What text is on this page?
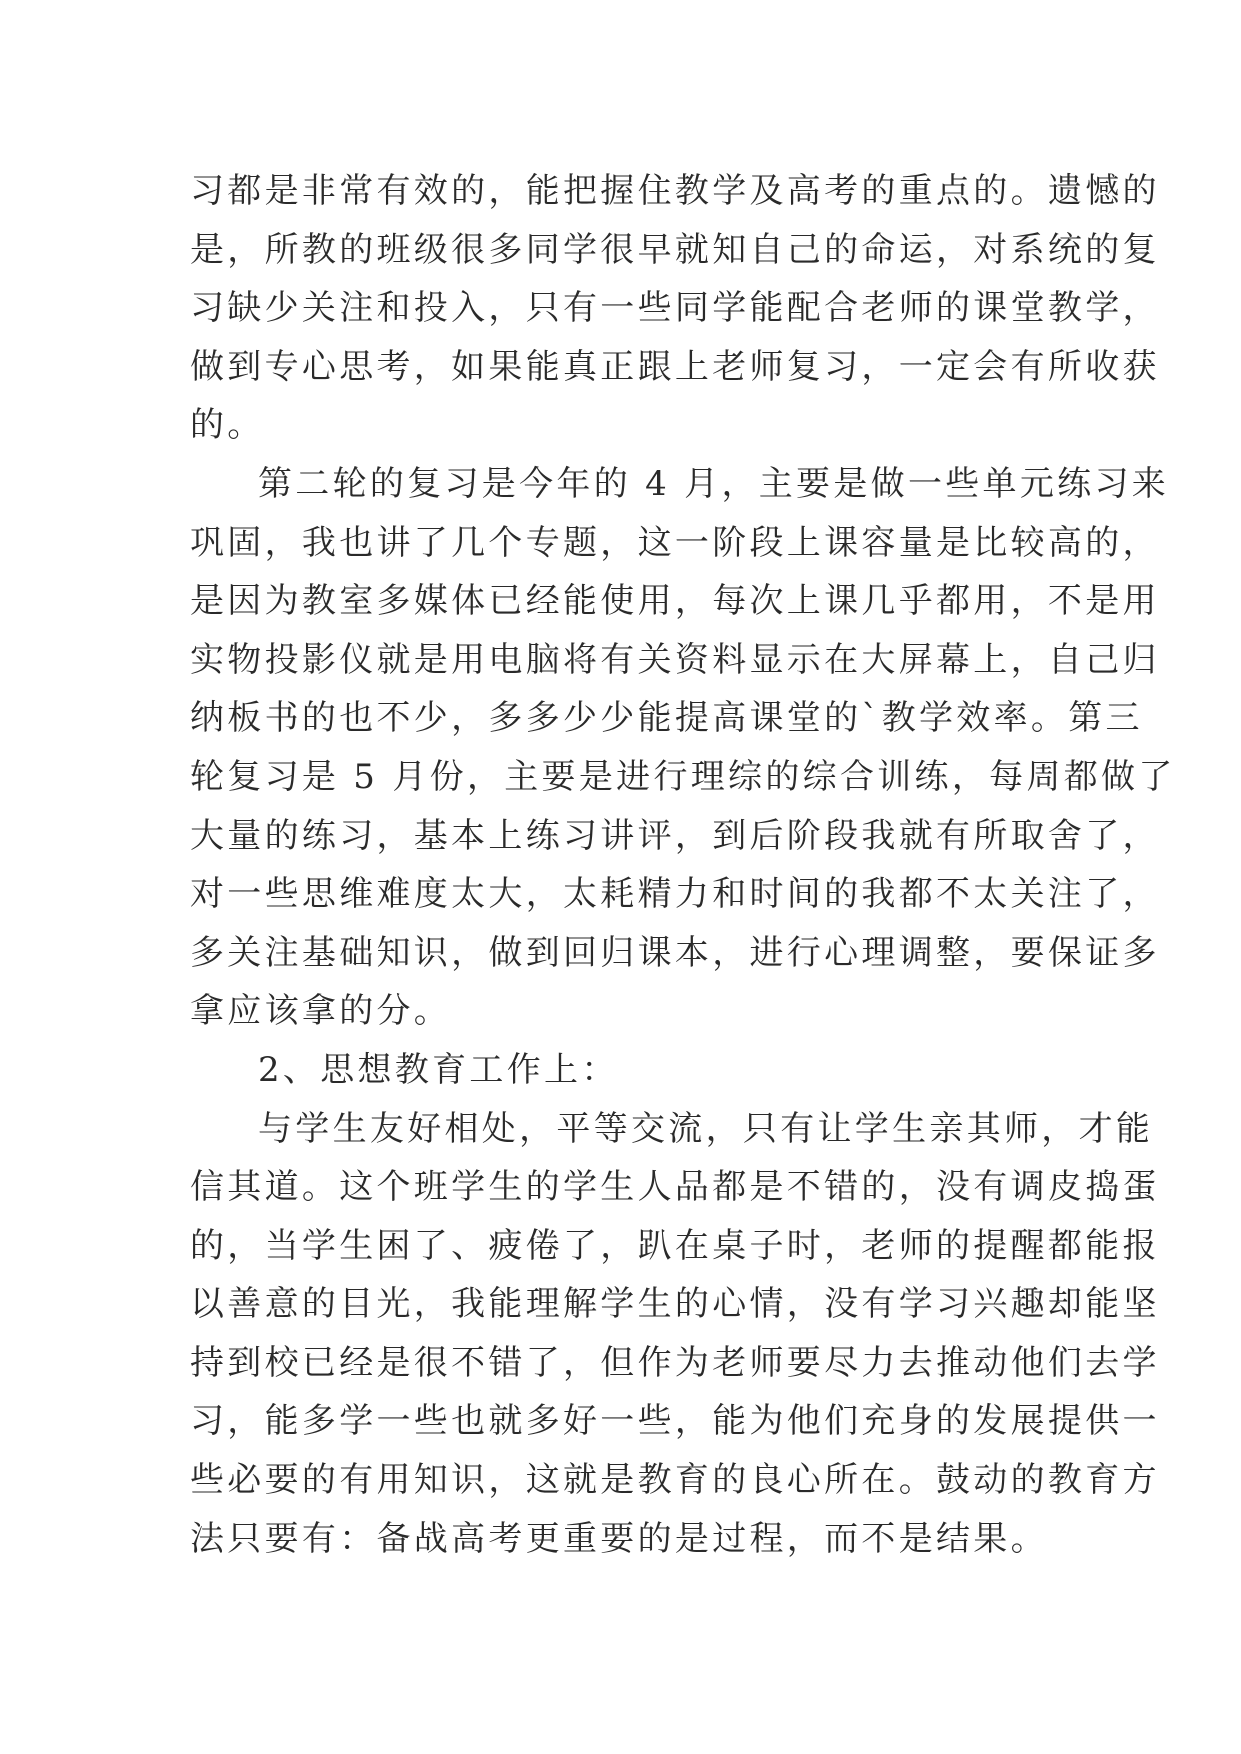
习都是非常有效的，能把握住教学及高考的重点的。遗憾的
是，所教的班级很多同学很早就知自己的命运，对系统的复
习缺少关注和投入，只有一些同学能配合老师的课堂教学，
做到专心思考，如果能真正跟上老师复习，一定会有所收获
的。
第二轮的复习是今年的 4 月，主要是做一些单元练习来
巩固，我也讲了几个专题，这一阶段上课容量是比较高的，
是因为教室多媒体已经能使用，每次上课几乎都用，不是用
实物投影仪就是用电脑将有关资料显示在大屏幕上，自己归
纳板书的也不少，多多少少能提高课堂的`教学效率。第三
轮复习是 5 月份，主要是进行理综的综合训练，每周都做了
大量的练习，基本上练习讲评，到后阶段我就有所取舍了，
对一些思维难度太大，太耗精力和时间的我都不太关注了，
多关注基础知识，做到回归课本，进行心理调整，要保证多
拿应该拿的分。
2、思想教育工作上：
与学生友好相处，平等交流，只有让学生亲其师，才能
信其道。这个班学生的学生人品都是不错的，没有调皮捣蛋
的，当学生困了、疲倦了，趴在桌子时，老师的提醒都能报
以善意的目光，我能理解学生的心情，没有学习兴趣却能坚
持到校已经是很不错了，但作为老师要尽力去推动他们去学
习，能多学一些也就多好一些，能为他们充身的发展提供一
些必要的有用知识，这就是教育的良心所在。鼓动的教育方
法只要有：备战高考更重要的是过程，而不是结果。
